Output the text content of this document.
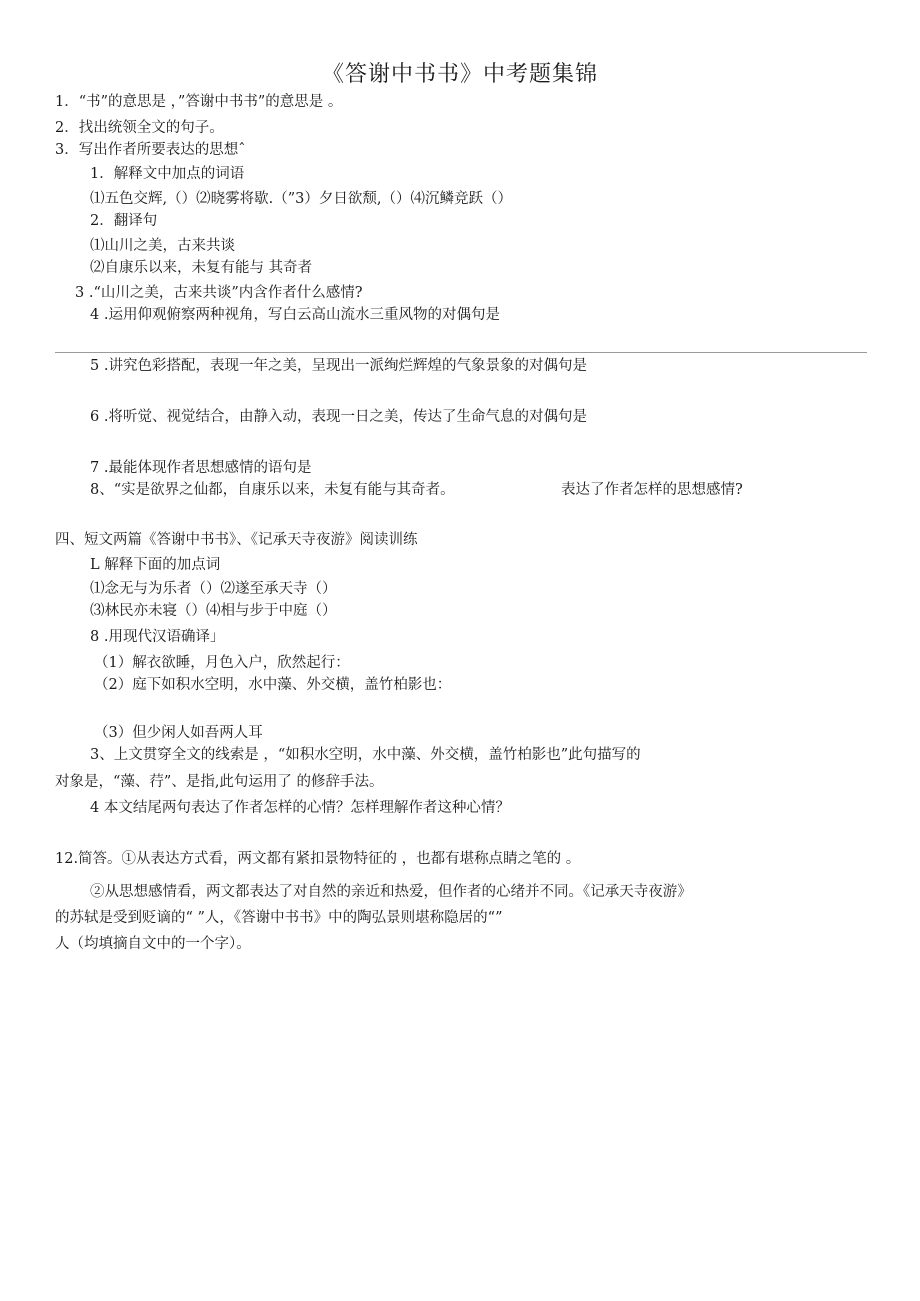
《答谢中书书》中考题集锦
1．“书”的意思是 ，”答谢中书书”的意思是 。
2．找出统领全文的句子。
3．写出作者所要表达的思想ˆ
1．解释文中加点的词语
⑴五色交辉,（）⑵晓雾将歇.（”3）夕日欲颓,（）⑷沉鳞竞跃（）
2．翻译句
⑴山川之美，古来共谈
⑵自康乐以来，未复有能与 其奇者
3 .“山川之美，古来共谈”内含作者什么感情?
4 .运用仰观俯察两种视角，写白云高山流水三重风物的对偶句是
5 .讲究色彩搭配，表现一年之美，呈现出一派绚烂辉煌的气象景象的对偶句是
6 .将听觉、视觉结合，由静入动，表现一日之美，传达了生命气息的对偶句是
7 .最能体现作者思想感情的语句是
8、“实是欲界之仙都，自康乐以来，未复有能与其奇者。	表达了作者怎样的思想感情?
四、短文两篇《答谢中书书》、《记承天寺夜游》阅读训练
L 解释下面的加点词
⑴念无与为乐者（）⑵遂至承天寺（）
⑶林民亦未寝（）⑷相与步于中庭（）
8 .用现代汉语确译」
（1）解衣欲睡，月色入户，欣然起行：
（2）庭下如积水空明，水中藻、外交横，盖竹柏影也：
（3）但少闲人如吾两人耳
3、上文贯穿全文的线索是 ，“如积水空明，水中藻、外交横，盖竹柏影也”此句描写的
对象是，“藻、荇”、是指,此句运用了 的修辞手法。
4 本文结尾两句表达了作者怎样的心情？怎样理解作者这种心情？
12.简答。①从表达方式看，两文都有紧扣景物特征的 ，也都有堪称点睛之笔的 。
②从思想感情看，两文都表达了对自然的亲近和热爱，但作者的心绪并不同。《记承天寺夜游》
的苏轼是受到贬谪的“ ”人，《答谢中书书》中的陶弘景则堪称隐居的“”
人（均填摘自文中的一个字）。
